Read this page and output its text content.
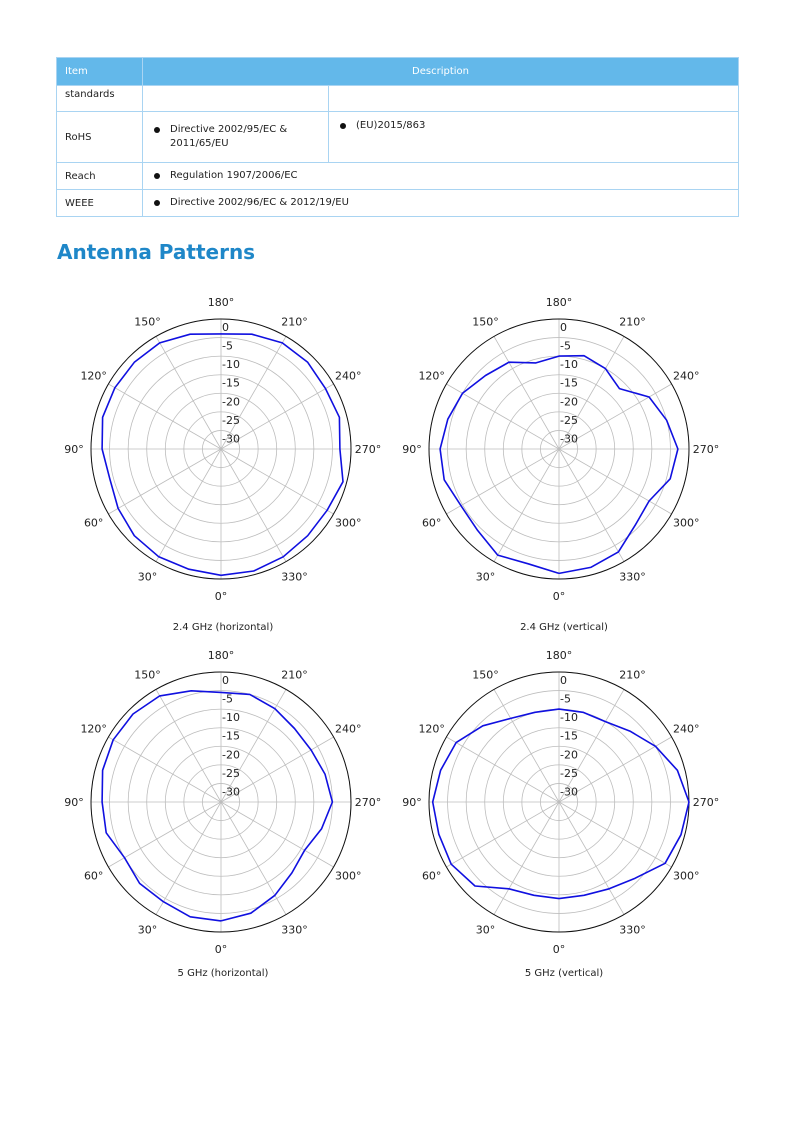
Item	Description	
standards		
RoHS	Directive 2002/95/EC & 2011/65/EU	(EU)2015/863

Reach	Regulation 1907/2006/EC	

WEEE	Directive 2002/96/EC & 2012/19/EU	
Antenna Patterns
180°
210°
240°
270°
300°
330°
0°
30°
60°
90°
120°
150°	0
-5
-10
-15
-20
-25
-30
180°
210°
240°
270°
300°
330°
0°
30°
60°
90°
120°
150°	0
-5
-10
-15
-20
-25
-30
180°
210°
240°
270°
300°
330°
0°
30°
60°
90°
120°
150°	0
-5
-10
-15
-20
-25
-30
180°
210°
240°
270°
300°
330°
0°
30°
60°
90°
120°
150°	0
-5
-10
-15
-20
-25
-30
2.4 GHz (horizontal)	2.4 GHz (vertical)
5 GHz (horizontal)	5 GHz (vertical)
